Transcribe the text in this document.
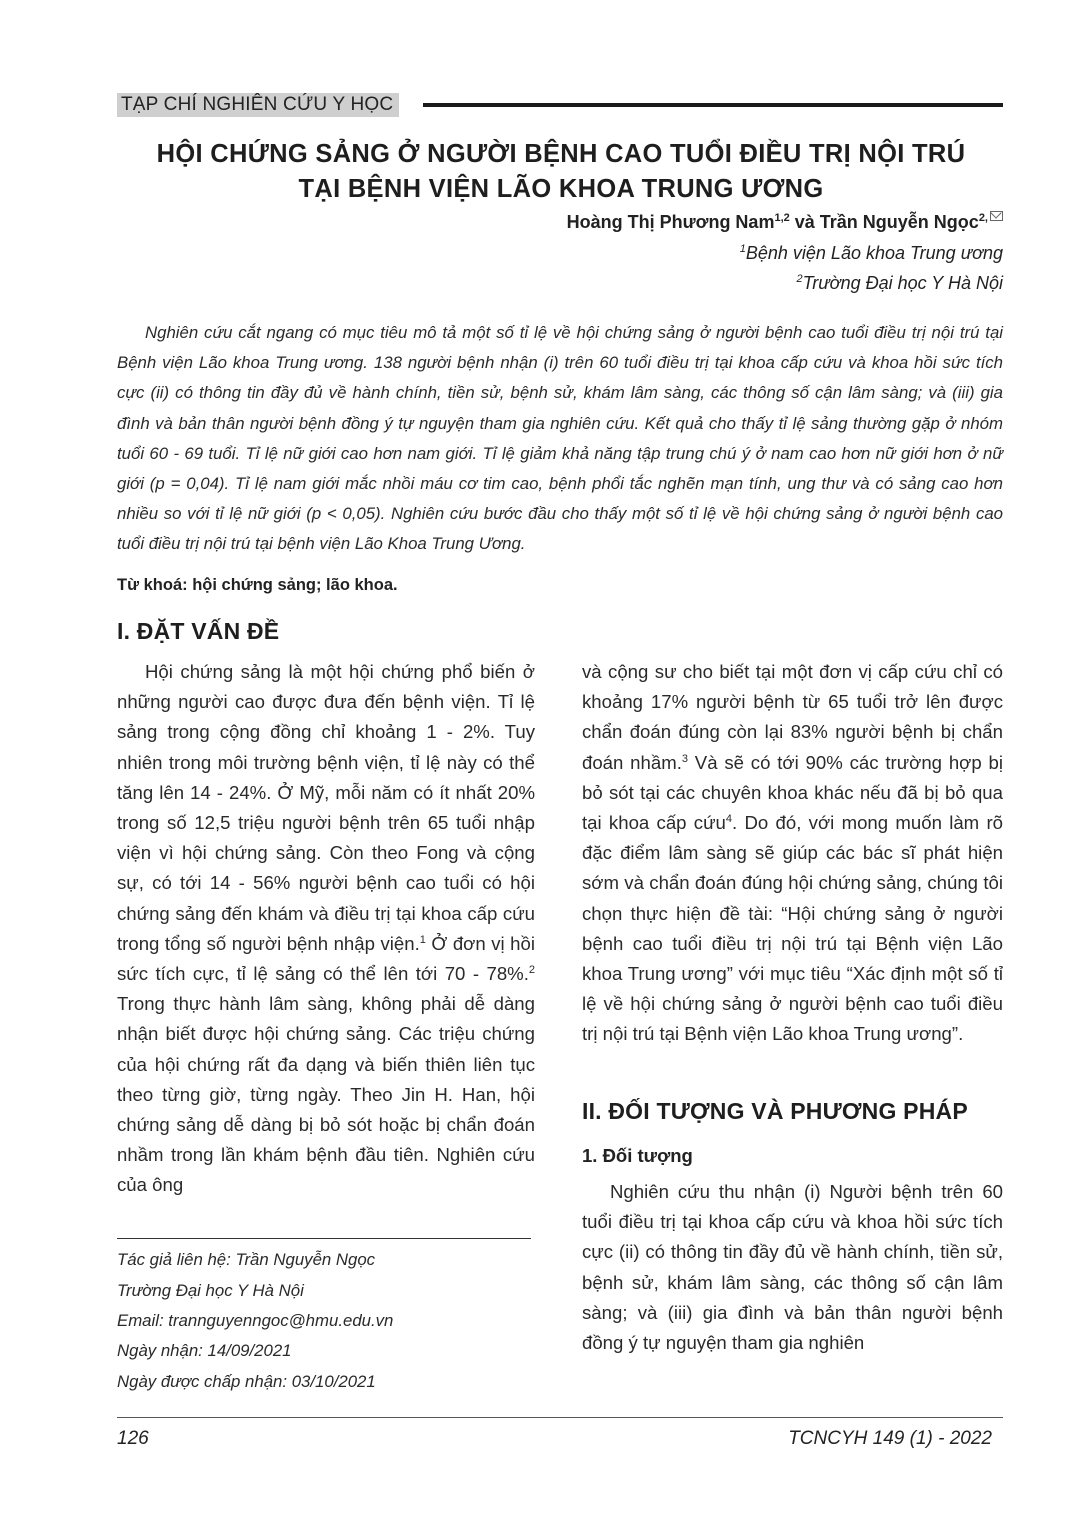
TẠP CHÍ NGHIÊN CỨU Y HỌC
HỘI CHỨNG SẢNG Ở NGƯỜI BỆNH CAO TUỔI ĐIỀU TRỊ NỘI TRÚ
TẠI BỆNH VIỆN LÃO KHOA TRUNG ƯƠNG
Hoàng Thị Phương Nam$^{1,2}$ và Trần Nguyễn Ngọc$^{2,}$
$^1$Bệnh viện Lão khoa Trung ương
$^2$Trường Đại học Y Hà Nội
Nghiên cứu cắt ngang có mục tiêu mô tả một số tỉ lệ về hội chứng sảng ở người bệnh cao tuổi điều trị nội trú tại Bệnh viện Lão khoa Trung ương. 138 người bệnh nhận (i) trên 60 tuổi điều trị tại khoa cấp cứu và khoa hồi sức tích cực (ii) có thông tin đầy đủ về hành chính, tiền sử, bệnh sử, khám lâm sàng, các thông số cận lâm sàng; và (iii) gia đình và bản thân người bệnh đồng ý tự nguyện tham gia nghiên cứu. Kết quả cho thấy tỉ lệ sảng thường gặp ở nhóm tuổi 60 - 69 tuổi. Tỉ lệ nữ giới cao hơn nam giới. Tỉ lệ giảm khả năng tập trung chú ý ở nam cao hơn nữ giới hơn ở nữ giới (p = 0,04). Tỉ lệ nam giới mắc nhồi máu cơ tim cao, bệnh phổi tắc nghẽn mạn tính, ung thư và có sảng cao hơn nhiều so với tỉ lệ nữ giới (p < 0,05). Nghiên cứu bước đầu cho thấy một số tỉ lệ về hội chứng sảng ở người bệnh cao tuổi điều trị nội trú tại bệnh viện Lão Khoa Trung Ương.
Từ khoá: hội chứng sảng; lão khoa.
I. ĐẶT VẤN ĐỀ
Hội chứng sảng là một hội chứng phổ biến ở những người cao được đưa đến bệnh viện. Tỉ lệ sảng trong cộng đồng chỉ khoảng 1 - 2%. Tuy nhiên trong môi trường bệnh viện, tỉ lệ này có thể tăng lên 14 - 24%. Ở Mỹ, mỗi năm có ít nhất 20% trong số 12,5 triệu người bệnh trên 65 tuổi nhập viện vì hội chứng sảng. Còn theo Fong và cộng sự, có tới 14 - 56% người bệnh cao tuổi có hội chứng sảng đến khám và điều trị tại khoa cấp cứu trong tổng số người bệnh nhập viện.$^1$ Ở đơn vị hồi sức tích cực, tỉ lệ sảng có thể lên tới 70 - 78%.$^2$ Trong thực hành lâm sàng, không phải dễ dàng nhận biết được hội chứng sảng. Các triệu chứng của hội chứng rất đa dạng và biến thiên liên tục theo từng giờ, từng ngày. Theo Jin H. Han, hội chứng sảng dễ dàng bị bỏ sót hoặc bị chẩn đoán nhầm trong lần khám bệnh đầu tiên. Nghiên cứu của ông
và cộng sư cho biết tại một đơn vị cấp cứu chỉ có khoảng 17% người bệnh từ 65 tuổi trở lên được chẩn đoán đúng còn lại 83% người bệnh bị chẩn đoán nhầm.$^3$ Và sẽ có tới 90% các trường hợp bị bỏ sót tại các chuyên khoa khác nếu đã bị bỏ qua tại khoa cấp cứu$^4$. Do đó, với mong muốn làm rõ đặc điểm lâm sàng sẽ giúp các bác sĩ phát hiện sớm và chẩn đoán đúng hội chứng sảng, chúng tôi chọn thực hiện đề tài: “Hội chứng sảng ở người bệnh cao tuổi điều trị nội trú tại Bệnh viện Lão khoa Trung ương” với mục tiêu “Xác định một số tỉ lệ về hội chứng sảng ở người bệnh cao tuổi điều trị nội trú tại Bệnh viện Lão khoa Trung ương”.
II. ĐỐI TƯỢNG VÀ PHƯƠNG PHÁP
1. Đối tượng
Nghiên cứu thu nhận (i) Người bệnh trên 60 tuổi điều trị tại khoa cấp cứu và khoa hồi sức tích cực (ii) có thông tin đầy đủ về hành chính, tiền sử, bệnh sử, khám lâm sàng, các thông số cận lâm sàng; và (iii) gia đình và bản thân người bệnh đồng ý tự nguyện tham gia nghiên
Tác giả liên hệ: Trần Nguyễn Ngọc
Trường Đại học Y Hà Nội
Email: trannguyenngoc@hmu.edu.vn
Ngày nhận: 14/09/2021
Ngày được chấp nhận: 03/10/2021
126	TCNCYH 149 (1) - 2022
